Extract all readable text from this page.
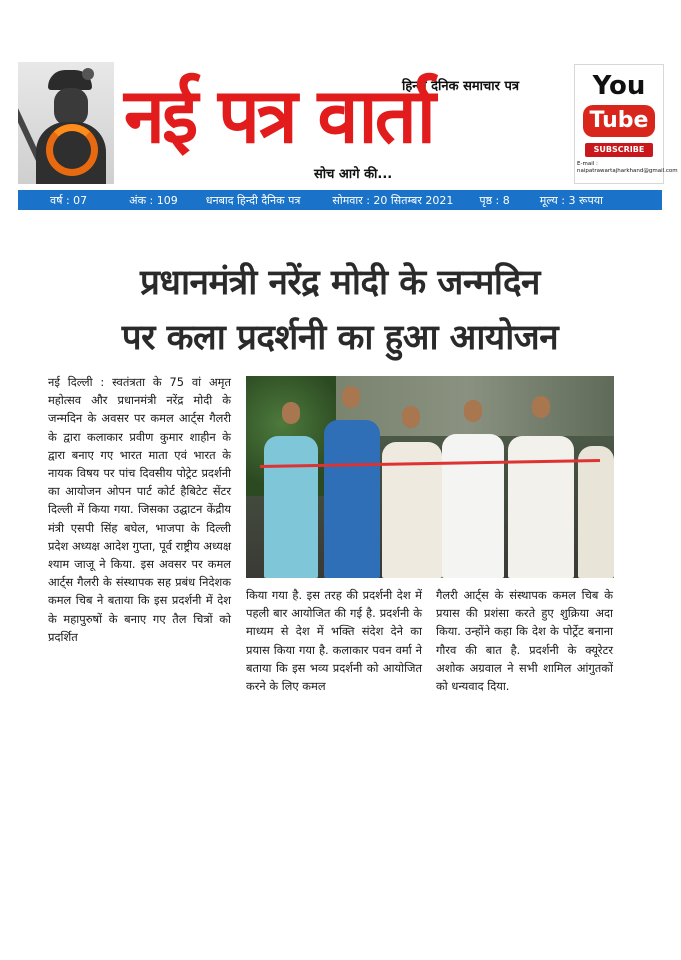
हिन्दी दैनिक समाचार पत्र
नई पत्र वार्ता
सोच आगे की...
You
Tube
SUBSCRIBE
E-mail : naipatrawartajharkhand@gmail.com
वर्ष : 07	अंक : 109	धनबाद हिन्दी दैनिक पत्र	सोमवार : 20 सितम्बर 2021 पृष्ठ : 8	मूल्य : 3 रूपया
प्रधानमंत्री नरेंद्र मोदी के जन्मदिन
पर कला प्रदर्शनी का हुआ आयोजन
नई दिल्ली : स्वतंत्रता के 75 वां अमृत महोत्सव और प्रधानमंत्री नरेंद्र मोदी के जन्मदिन के अवसर पर कमल आर्ट्स गैलरी के द्वारा कलाकार प्रवीण कुमार शाहीन के द्वारा बनाए गए भारत माता एवं भारत के नायक विषय पर पांच दिवसीय पोट्रेट प्रदर्शनी का आयोजन ओपन पार्ट कोर्ट हैबिटेट सेंटर दिल्ली में किया गया. जिसका उद्घाटन केंद्रीय मंत्री एसपी सिंह बघेल, भाजपा के दिल्ली प्रदेश अध्यक्ष आदेश गुप्ता, पूर्व राष्ट्रीय अध्यक्ष श्याम जाजू ने किया. इस अवसर पर कमल आर्ट्स गैलरी के संस्थापक सह प्रबंध निदेशक कमल चिब ने बताया कि इस प्रदर्शनी में देश के महापुरुषों के बनाए गए तैल चित्रों को प्रदर्शित
किया गया है. इस तरह की प्रदर्शनी देश में पहली बार आयोजित की गई है. प्रदर्शनी के माध्यम से देश में भक्ति संदेश देने का प्रयास किया गया है. कलाकार पवन वर्मा ने बताया कि इस भव्य प्रदर्शनी को आयोजित करने के लिए कमल
गैलरी आर्ट्स के संस्थापक कमल चिब के प्रयास की प्रशंसा करते हुए शुक्रिया अदा किया. उन्होंने कहा कि देश के पोर्ट्रेट बनाना गौरव की बात है. प्रदर्शनी के क्यूरेटर अशोक अग्रवाल ने सभी शामिल आंगुतकों को धन्यवाद दिया.
